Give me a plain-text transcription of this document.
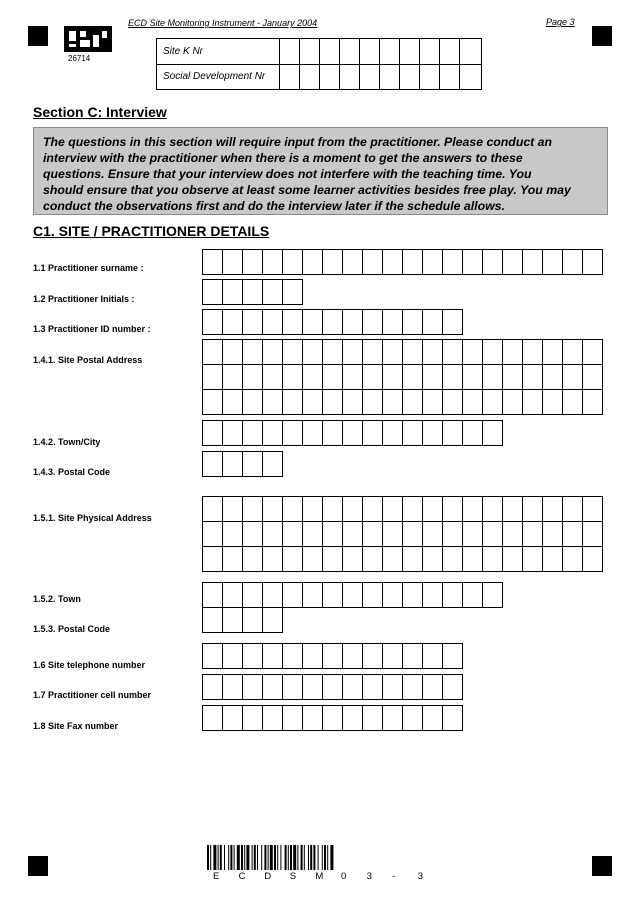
ECD Site Monitoring Instrument - January 2004	Page 3
26714
Site K Nr
Social Development Nr
Section C: Interview
The questions in this section will require input from the practitioner. Please conduct an
interview with the practitioner when there is a moment to get the answers to these
questions. Ensure that your interview does not interfere with the teaching time. You
should ensure that you observe at least some learner activities besides free play. You may
conduct the observations first and do the interview later if the schedule allows.
C1. SITE / PRACTITIONER DETAILS
1.1 Practitioner surname :
1.2 Practitioner Initials :
1.3 Practitioner ID number :
1.4.1. Site Postal Address
1.4.2. Town/City
1.4.3. Postal Code
1.5.1. Site Physical Address
1.5.2. Town
1.5.3. Postal Code
1.6 Site telephone number
1.7 Practitioner cell number
1.8 Site Fax number
E C D S M 0 3 - 3
